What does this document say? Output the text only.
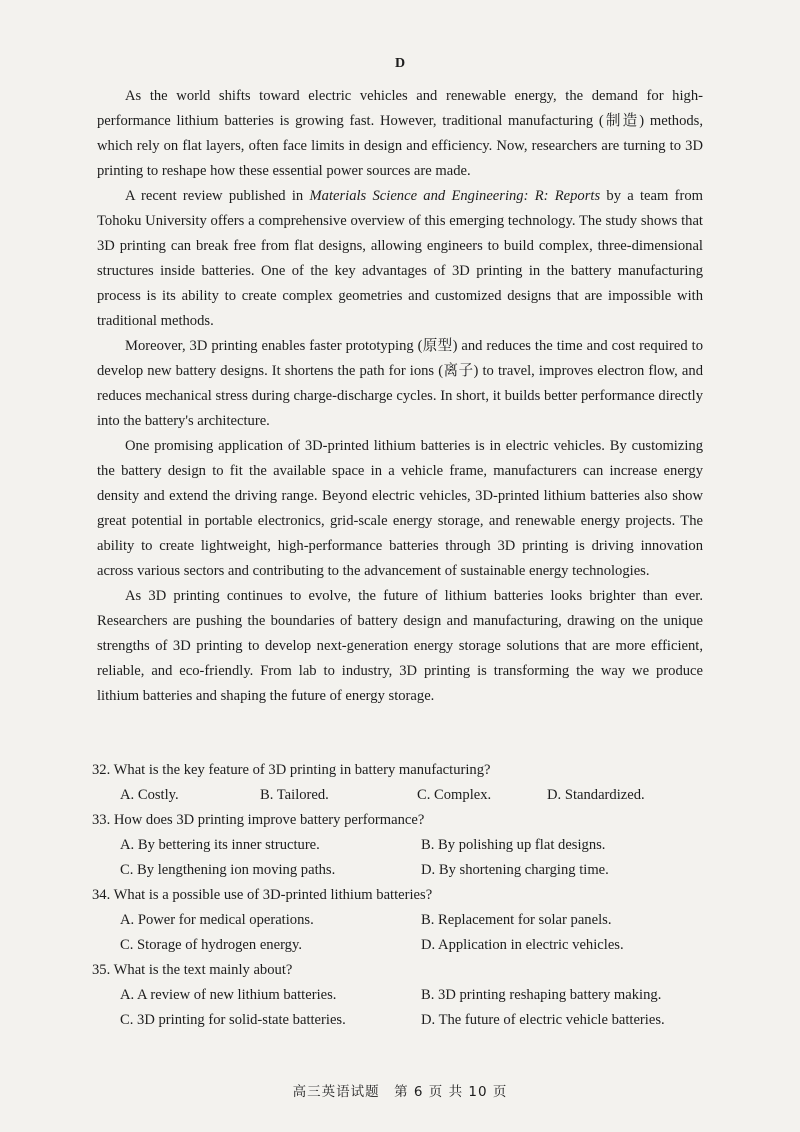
D

As the world shifts toward electric vehicles and renewable energy, the demand for high-performance lithium batteries is growing fast. However, traditional manufacturing (制造) methods, which rely on flat layers, often face limits in design and efficiency. Now, researchers are turning to 3D printing to reshape how these essential power sources are made.

A recent review published in Materials Science and Engineering: R: Reports by a team from Tohoku University offers a comprehensive overview of this emerging technology. The study shows that 3D printing can break free from flat designs, allowing engineers to build complex, three-dimensional structures inside batteries. One of the key advantages of 3D printing in the battery manufacturing process is its ability to create complex geometries and customized designs that are impossible with traditional methods.

Moreover, 3D printing enables faster prototyping (原型) and reduces the time and cost required to develop new battery designs. It shortens the path for ions (离子) to travel, improves electron flow, and reduces mechanical stress during charge-discharge cycles. In short, it builds better performance directly into the battery's architecture.

One promising application of 3D-printed lithium batteries is in electric vehicles. By customizing the battery design to fit the available space in a vehicle frame, manufacturers can increase energy density and extend the driving range. Beyond electric vehicles, 3D-printed lithium batteries also show great potential in portable electronics, grid-scale energy storage, and renewable energy projects. The ability to create lightweight, high-performance batteries through 3D printing is driving innovation across various sectors and contributing to the advancement of sustainable energy technologies.

As 3D printing continues to evolve, the future of lithium batteries looks brighter than ever. Researchers are pushing the boundaries of battery design and manufacturing, drawing on the unique strengths of 3D printing to develop next-generation energy storage solutions that are more efficient, reliable, and eco-friendly. From lab to industry, 3D printing is transforming the way we produce lithium batteries and shaping the future of energy storage.

32. What is the key feature of 3D printing in battery manufacturing?
A. Costly.	B. Tailored.	C. Complex.	D. Standardized.
33. How does 3D printing improve battery performance?
A. By bettering its inner structure.	B. By polishing up flat designs.
C. By lengthening ion moving paths.	D. By shortening charging time.
34. What is a possible use of 3D-printed lithium batteries?
A. Power for medical operations.	B. Replacement for solar panels.
C. Storage of hydrogen energy.	D. Application in electric vehicles.
35. What is the text mainly about?
A. A review of new lithium batteries.	B. 3D printing reshaping battery making.
C. 3D printing for solid-state batteries.	D. The future of electric vehicle batteries.
高三英语试题　第 6 页 共 10 页
